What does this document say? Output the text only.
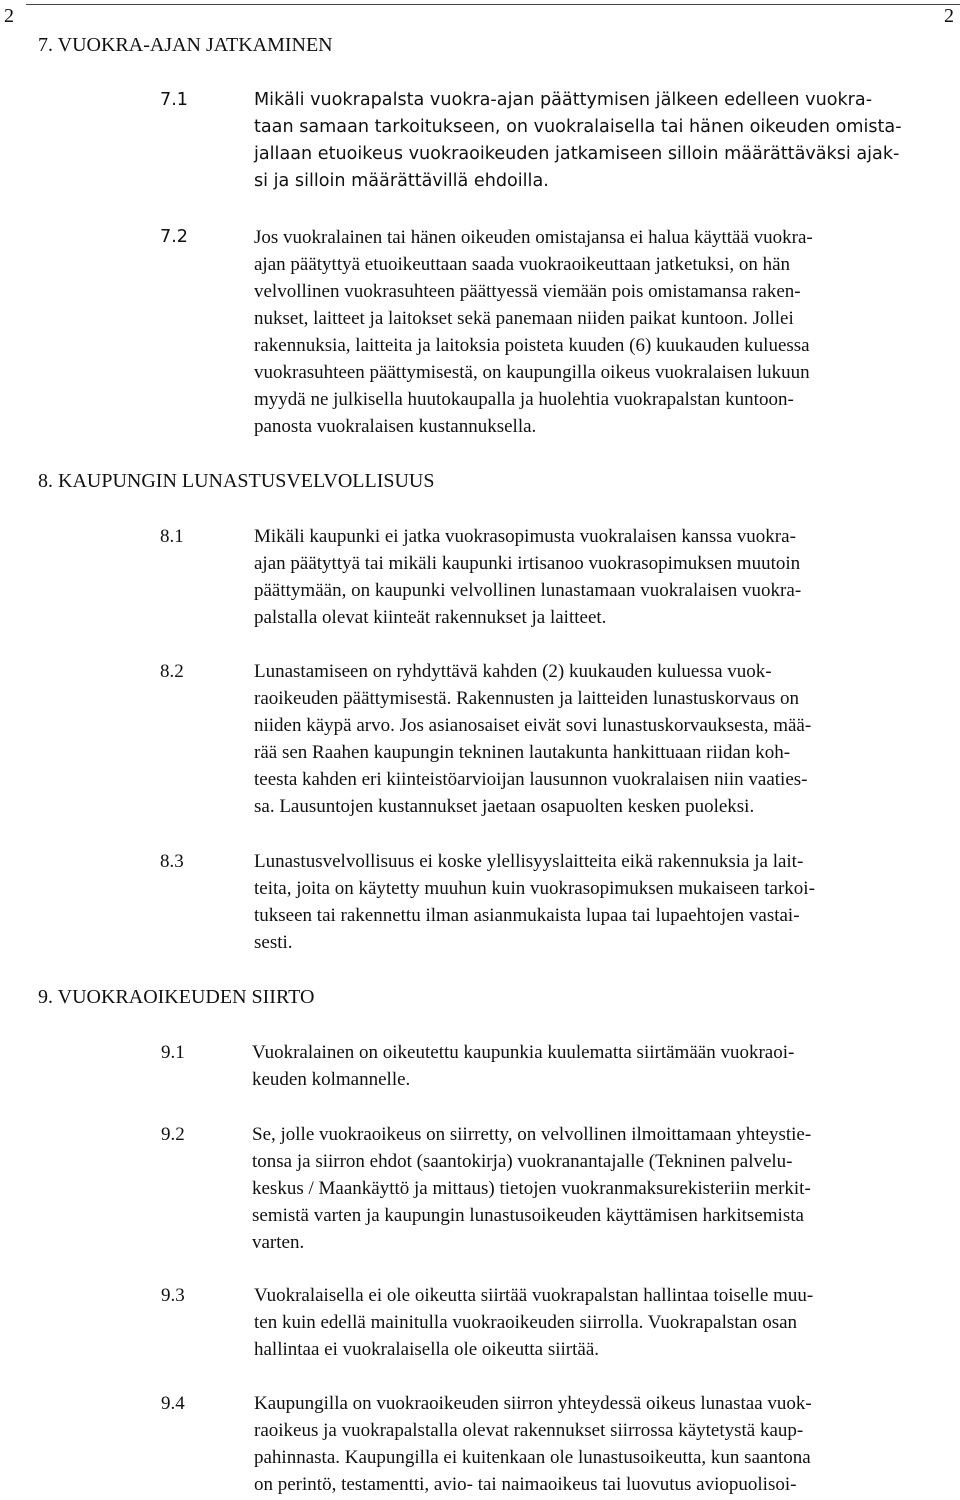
2	2
7. VUOKRA-AJAN JATKAMINEN
7.1	Mikäli vuokrapalsta vuokra-ajan päättymisen jälkeen edelleen vuokra-
taan samaan tarkoitukseen, on vuokralaisella tai hänen oikeuden omista-
jallaan etuoikeus vuokraoikeuden jatkamiseen silloin määrättäväksi ajak-
si ja silloin määrättävillä ehdoilla.
7.2	Jos vuokralainen tai hänen oikeuden omistajansa ei halua käyttää vuokra-
ajan päätyttyä etuoikeuttaan saada vuokraoikeuttaan jatketuksi, on hän
velvollinen vuokrasuhteen päättyessä viemään pois omistamansa raken-
nukset, laitteet ja laitokset sekä panemaan niiden paikat kuntoon. Jollei
rakennuksia, laitteita ja laitoksia poisteta kuuden (6) kuukauden kuluessa
vuokrasuhteen päättymisestä, on kaupungilla oikeus vuokralaisen lukuun
myydä ne julkisella huutokaupalla ja huolehtia vuokrapalstan kuntoon-
panosta vuokralaisen kustannuksella.
8. KAUPUNGIN LUNASTUSVELVOLLISUUS
8.1	Mikäli kaupunki ei jatka vuokrasopimusta vuokralaisen kanssa vuokra-
ajan päätyttyä tai mikäli kaupunki irtisanoo vuokrasopimuksen muutoin
päättymään, on kaupunki velvollinen lunastamaan vuokralaisen vuokra-
palstalla olevat kiinteät rakennukset ja laitteet.
8.2	Lunastamiseen on ryhdyttävä kahden (2) kuukauden kuluessa vuok-
raoikeuden päättymisestä. Rakennusten ja laitteiden lunastuskorvaus on
niiden käypä arvo. Jos asianosaiset eivät sovi lunastuskorvauksesta, mää-
rää sen Raahen kaupungin tekninen lautakunta hankittuaan riidan koh-
teesta kahden eri kiinteistöarvioijan lausunnon vuokralaisen niin vaaties-
sa. Lausuntojen kustannukset jaetaan osapuolten kesken puoleksi.
8.3	Lunastusvelvollisuus ei koske ylellisyyslaitteita eikä rakennuksia ja lait-
teita, joita on käytetty muuhun kuin vuokrasopimuksen mukaiseen tarkoi-
tukseen tai rakennettu ilman asianmukaista lupaa tai lupaehtojen vastai-
sesti.
9. VUOKRAOIKEUDEN SIIRTO
9.1	Vuokralainen on oikeutettu kaupunkia kuulematta siirtämään vuokraoi-
keuden kolmannelle.
9.2	Se, jolle vuokraoikeus on siirretty, on velvollinen ilmoittamaan yhteystie-
tonsa ja siirron ehdot (saantokirja) vuokranantajalle (Tekninen palvelu-
keskus / Maankäyttö ja mittaus) tietojen vuokranmaksurekisteriin merkit-
semistä varten ja kaupungin lunastusoikeuden käyttämisen harkitsemista
varten.
9.3	Vuokralaisella ei ole oikeutta siirtää vuokrapalstan hallintaa toiselle muu-
ten kuin edellä mainitulla vuokraoikeuden siirrolla. Vuokrapalstan osan
hallintaa ei vuokralaisella ole oikeutta siirtää.
9.4	Kaupungilla on vuokraoikeuden siirron yhteydessä oikeus lunastaa vuok-
raoikeus ja vuokrapalstalla olevat rakennukset siirrossa käytetystä kaup-
pahinnasta. Kaupungilla ei kuitenkaan ole lunastusoikeutta, kun saantona
on perintö, testamentti, avio- tai naimaoikeus tai luovutus aviopuolisoi-
